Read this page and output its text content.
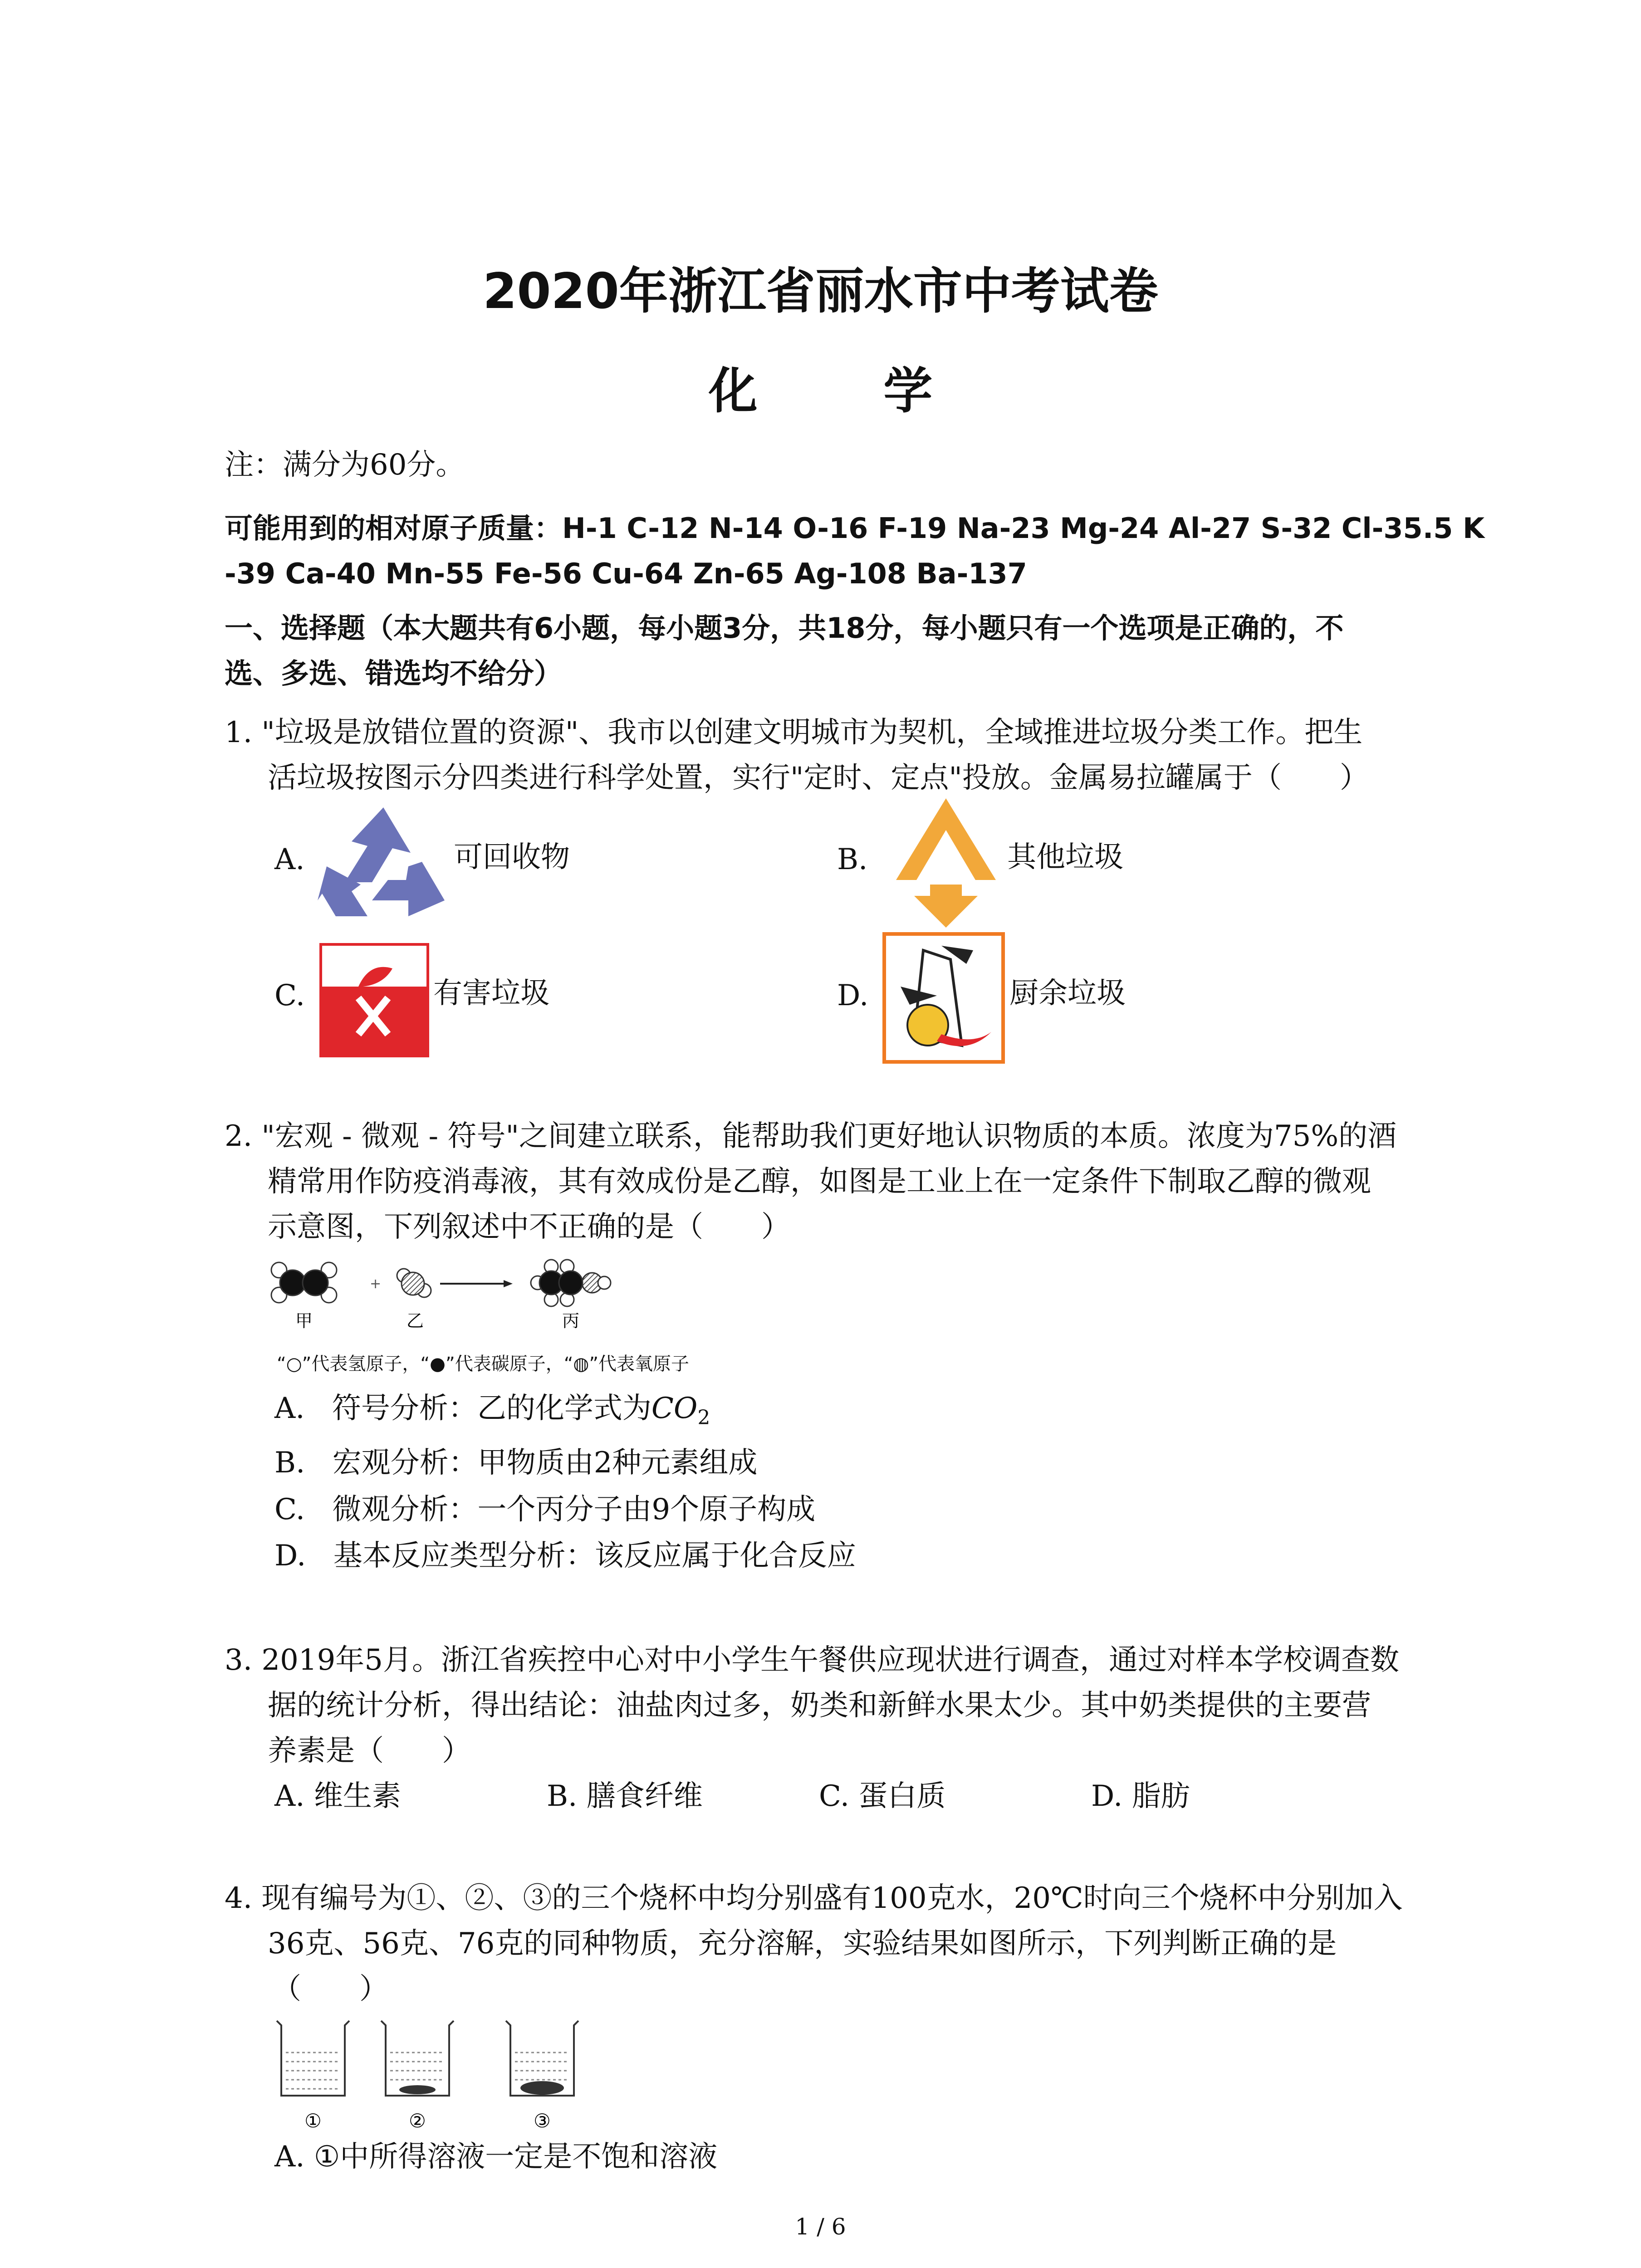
2020年浙江省丽水市中考试卷
化 学
注：满分为60分。
可能用到的相对原子质量：H-1 C-12 N-14 O-16 F-19 Na-23 Mg-24 Al-27 S-32 Cl-35.5 K
-39 Ca-40 Mn-55 Fe-56 Cu-64 Zn-65 Ag-108 Ba-137
一、选择题（本大题共有6小题，每小题3分，共18分，每小题只有一个选项是正确的，不
选、多选、错选均不给分）
1. "垃圾是放错位置的资源"、我市以创建文明城市为契机，全域推进垃圾分类工作。把生
活垃圾按图示分四类进行科学处置，实行"定时、定点"投放。金属易拉罐属于（　　）
A.	可回收物	B.	其他垃圾
C.	有害垃圾	D.	厨余垃圾
2. "宏观 - 微观 - 符号"之间建立联系，能帮助我们更好地认识物质的本质。浓度为75%的酒
精常用作防疫消毒液，其有效成份是乙醇，如图是工业上在一定条件下制取乙醇的微观
示意图，下列叙述中不正确的是（　　）
+
甲	乙	丙
“○”代表氢原子，“●”代表碳原子，“◍”代表氧原子
A. 符号分析：乙的化学式为$CO_2$
B. 宏观分析：甲物质由2种元素组成
C. 微观分析：一个丙分子由9个原子构成
D. 基本反应类型分析：该反应属于化合反应
3. 2019年5月。浙江省疾控中心对中小学生午餐供应现状进行调查，通过对样本学校调查数
据的统计分析，得出结论：油盐肉过多，奶类和新鲜水果太少。其中奶类提供的主要营
养素是（　　）
A. 维生素	B. 膳食纤维	C. 蛋白质	D. 脂肪
4. 现有编号为①、②、③的三个烧杯中均分别盛有100克水，20℃时向三个烧杯中分别加入
36克、56克、76克的同种物质，充分溶解，实验结果如图所示，下列判断正确的是
（　　）
①	②	③
A. ①中所得溶液一定是不饱和溶液
1 / 6
